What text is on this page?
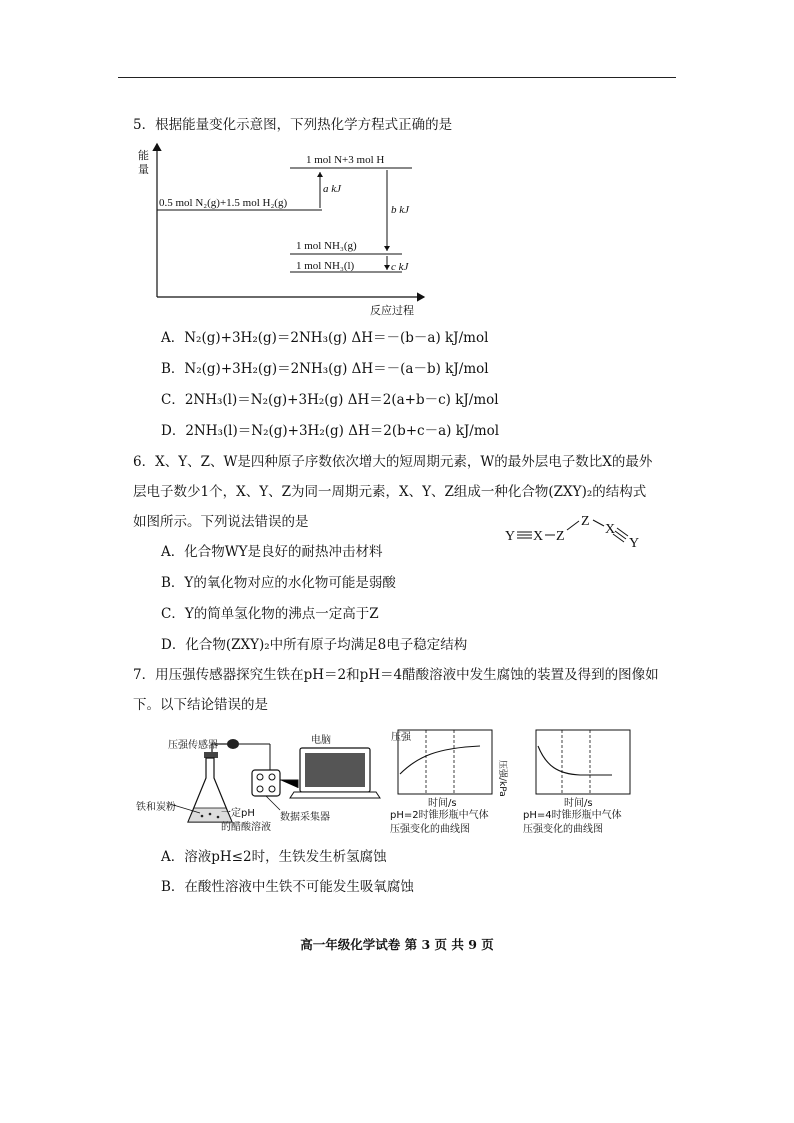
5．根据能量变化示意图，下列热化学方程式正确的是
能
量
反应过程
1 mol N+3 mol H
0.5 mol N₂(g)+1.5 mol H₂(g)
1 mol NH₃(g)
1 mol NH₃(l)
a kJ
b kJ
c kJ
A．N₂(g)+3H₂(g)＝2NH₃(g) ΔH＝－(b－a) kJ/mol
B．N₂(g)+3H₂(g)＝2NH₃(g) ΔH＝－(a－b) kJ/mol
C．2NH₃(l)＝N₂(g)+3H₂(g) ΔH＝2(a+b－c) kJ/mol
D．2NH₃(l)＝N₂(g)+3H₂(g) ΔH＝2(b+c－a) kJ/mol
6．X、Y、Z、W是四种原子序数依次增大的短周期元素，W的最外层电子数比X的最外
层电子数少1个，X、Y、Z为同一周期元素，X、Y、Z组成一种化合物(ZXY)₂的结构式
如图所示。下列说法错误的是
Y X Z
Z
X
Y
A．化合物WY是良好的耐热冲击材料
B．Y的氧化物对应的水化物可能是弱酸
C．Y的简单氢化物的沸点一定高于Z
D．化合物(ZXY)₂中所有原子均满足8电子稳定结构
7．用压强传感器探究生铁在pH＝2和pH＝4醋酸溶液中发生腐蚀的装置及得到的图像如
下。以下结论错误的是
压强传感器	电脑
铁和炭粉
一定pH
的醋酸溶液
数据采集器
压强
时间/s
pH=2时锥形瓶中气体
压强变化的曲线图
时间/s
pH=4时锥形瓶中气体
压强变化的曲线图
压强/kPa
A．溶液pH≤2时，生铁发生析氢腐蚀
B．在酸性溶液中生铁不可能发生吸氧腐蚀
高一年级化学试卷 第 3 页 共 9 页
